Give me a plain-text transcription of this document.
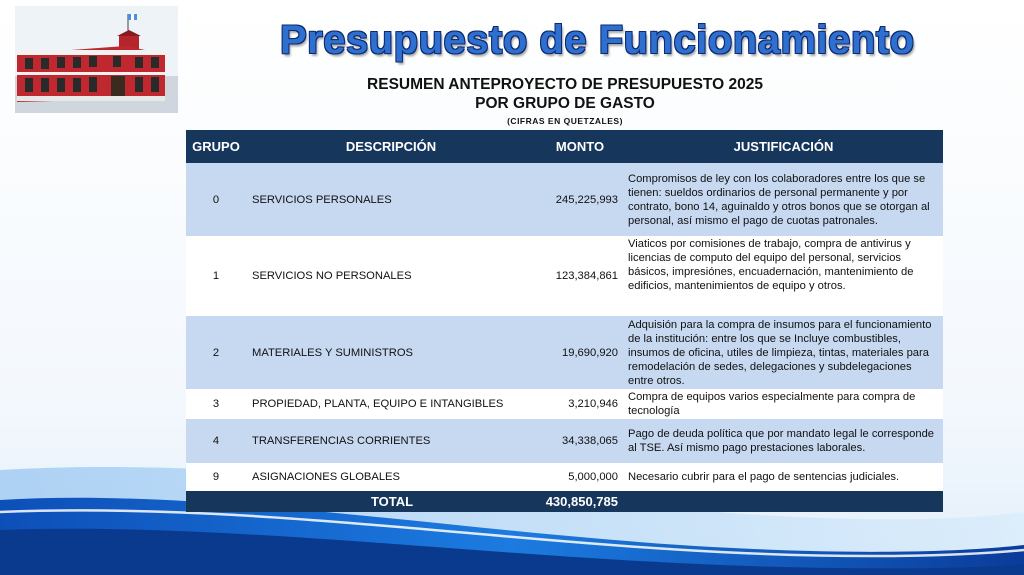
Presupuesto de Funcionamiento
RESUMEN ANTEPROYECTO DE PRESUPUESTO 2025
POR GRUPO DE GASTO
(CIFRAS EN QUETZALES)
GRUPO	DESCRIPCIÓN	MONTO	JUSTIFICACIÓN
0	SERVICIOS PERSONALES	245,225,993	Compromisos de ley con los colaboradores entre los que se tienen: sueldos ordinarios de personal permanente y por contrato, bono 14, aguinaldo y otros bonos que se otorgan al personal, así mismo el pago de cuotas patronales.
1	SERVICIOS NO PERSONALES	123,384,861	Viaticos por comisiones de trabajo, compra de antivirus y licencias de computo del equipo del personal, servicios básicos, impresiónes, encuadernación, mantenimiento de edificios, mantenimientos de equipo y otros.
2	MATERIALES Y SUMINISTROS	19,690,920	Adquisión para la compra de insumos para el funcionamiento de la institución: entre los que se Incluye combustibles, insumos de oficina, utiles de limpieza, tintas, materiales para remodelación de sedes, delegaciones y subdelegaciones entre otros.
3	PROPIEDAD, PLANTA, EQUIPO E INTANGIBLES	3,210,946	Compra de equipos varios especialmente para compra de tecnología
4	TRANSFERENCIAS CORRIENTES	34,338,065	Pago de deuda política que por mandato legal le corresponde al TSE. Así mismo pago prestaciones laborales.
9	ASIGNACIONES GLOBALES	5,000,000	Necesario cubrir para el pago de sentencias judiciales.
	TOTAL	430,850,785	
